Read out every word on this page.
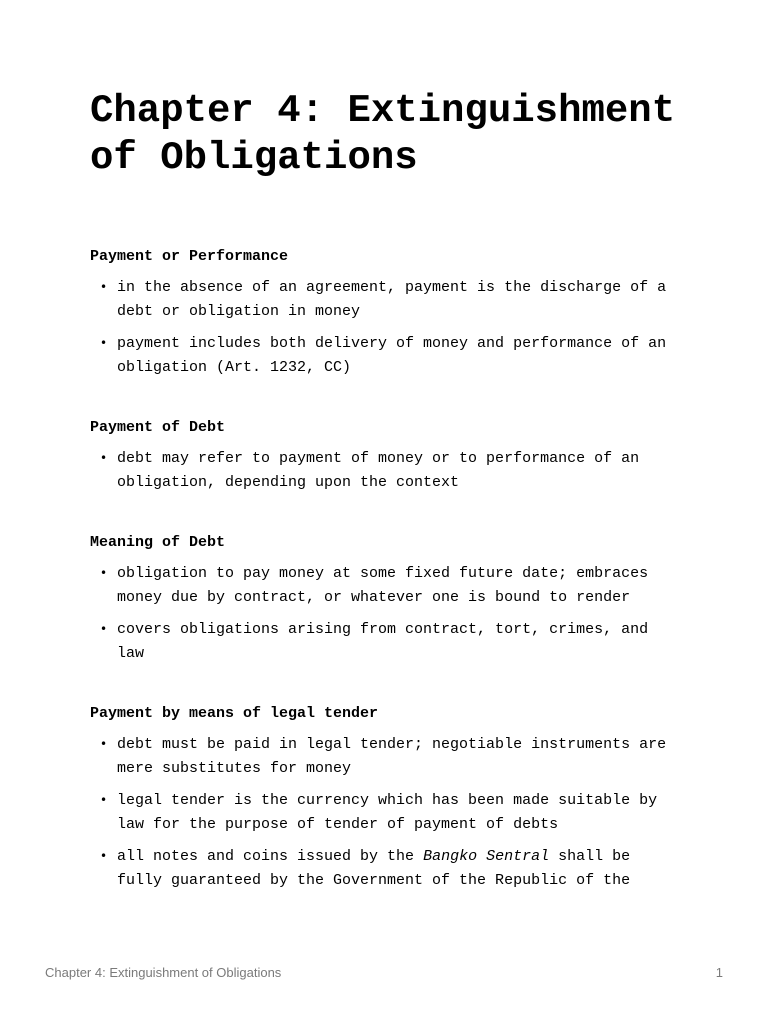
Chapter 4: Extinguishment of Obligations
Payment or Performance
• in the absence of an agreement, payment is the discharge of a debt or obligation in money
• payment includes both delivery of money and performance of an obligation (Art. 1232, CC)
Payment of Debt
• debt may refer to payment of money or to performance of an obligation, depending upon the context
Meaning of Debt
• obligation to pay money at some fixed future date; embraces money due by contract, or whatever one is bound to render
• covers obligations arising from contract, tort, crimes, and law
Payment by means of legal tender
• debt must be paid in legal tender; negotiable instruments are mere substitutes for money
• legal tender is the currency which has been made suitable by law for the purpose of tender of payment of debts
• all notes and coins issued by the Bangko Sentral shall be fully guaranteed by the Government of the Republic of the
Chapter 4: Extinguishment of Obligations	1
